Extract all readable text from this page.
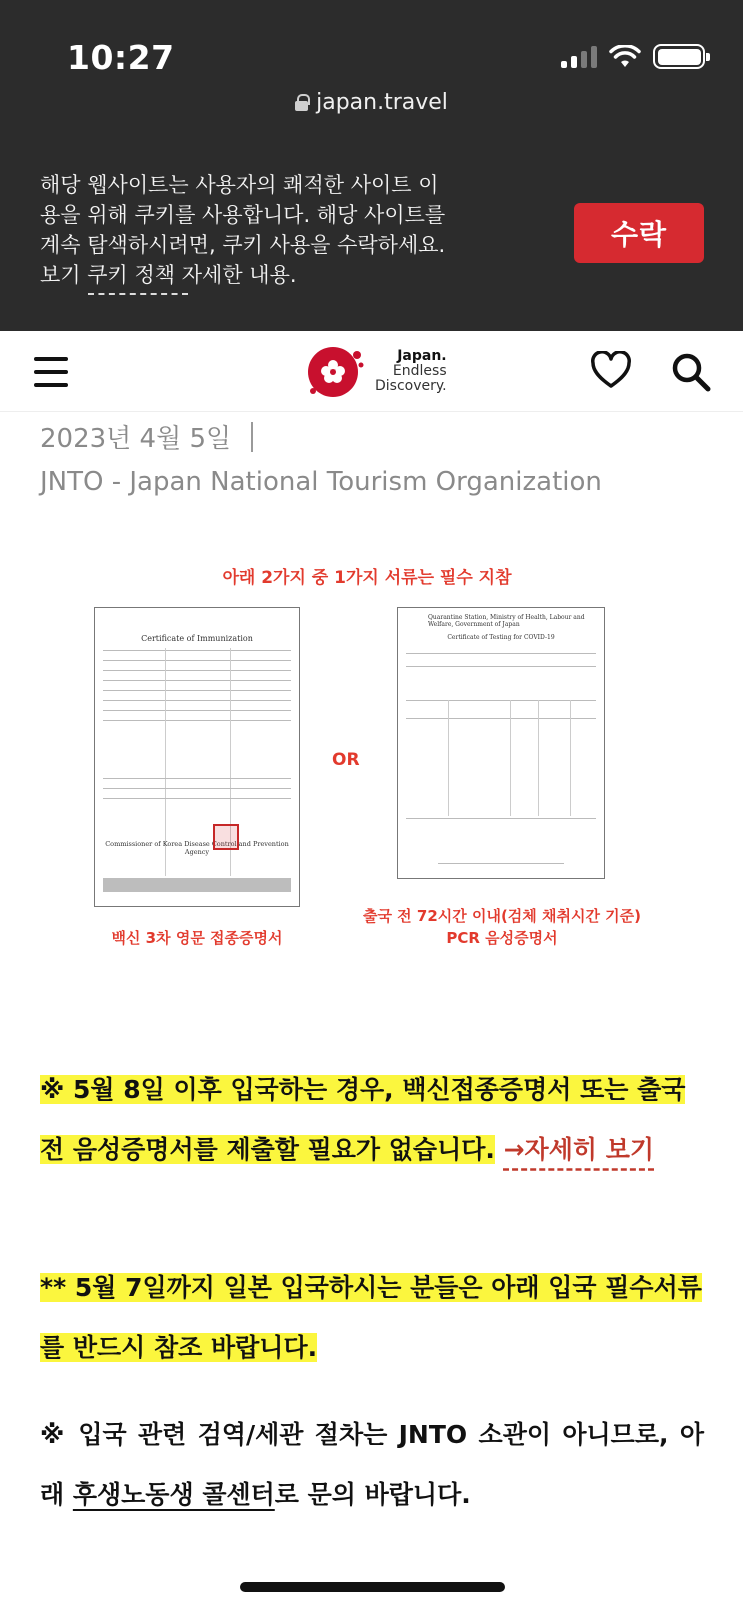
10:27
japan.travel
해당 웹사이트는 사용자의 쾌적한 사이트 이
용을 위해 쿠키를 사용합니다. 해당 사이트를
계속 탐색하시려면, 쿠키 사용을 수락하세요.
보기 쿠키 정책 자세한 내용.
수락
Japan.
Endless
Discovery.
2023년 4월 5일
JNTO - Japan National Tourism Organization
아래 2가지 중 1가지 서류는 필수 지참
Certificate of Immunization
Commissioner of Korea Disease Control and Prevention Agency
OR
Quarantine Station, Ministry of Health, Labour and Welfare, Government of Japan
Certificate of Testing for COVID-19
백신 3차 영문 접종증명서
출국 전 72시간 이내(검체 채취시간 기준)
PCR 음성증명서
※ 5월 8일 이후 입국하는 경우, 백신접종증명서 또는 출국 전 음성증명서를 제출할 필요가 없습니다. →자세히 보기
** 5월 7일까지 일본 입국하시는 분들은 아래 입국 필수서류를 반드시 참조 바랍니다.
※ 입국 관련 검역/세관 절차는 JNTO 소관이 아니므로, 아래 후생노동생 콜센터로 문의 바랍니다.
